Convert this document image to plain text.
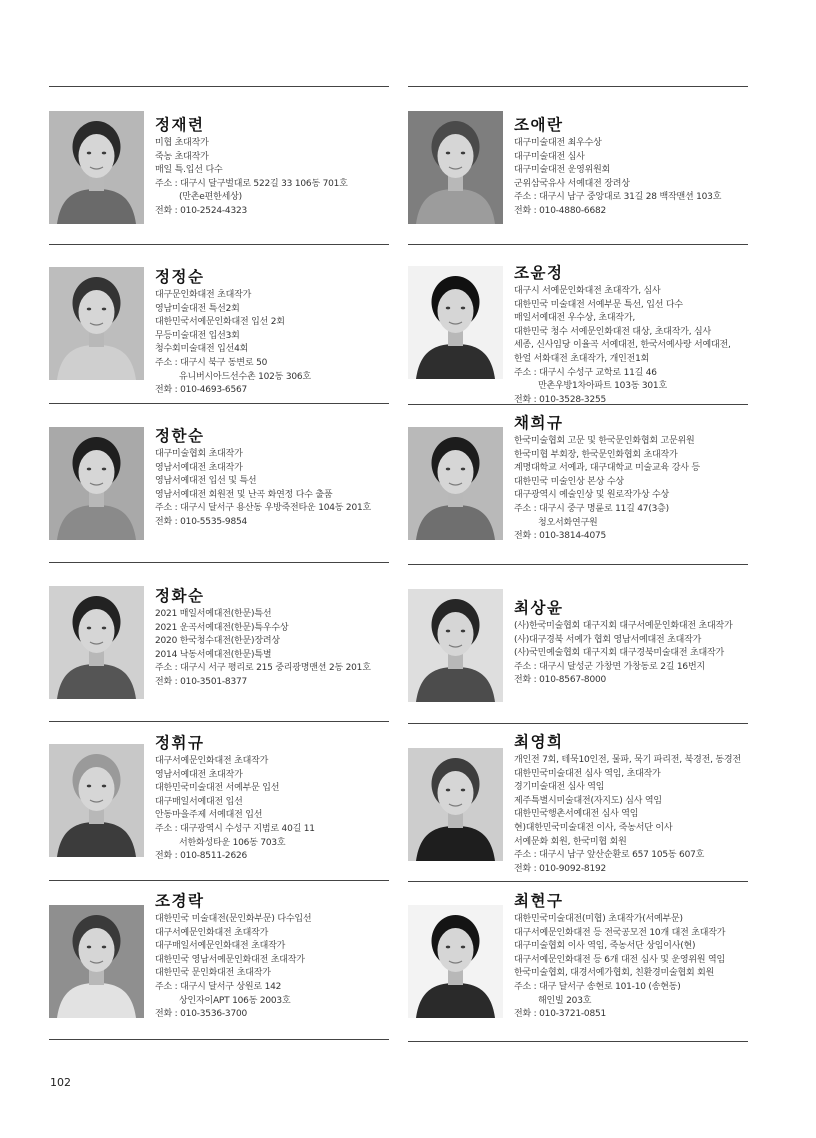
정재련
미협 초대작가
죽농 초대작가
매일 특.입선 다수
주소 : 대구시 달구벌대로 522길 33 106동 701호
(만촌e편한세상)
전화 : 010-2524-4323
정정순
대구문인화대전 초대작가
영남미술대전 특선2회
대한민국서예문인화대전 입선 2회
무등미술대전 입선3회
청수회미술대전 입선4회
주소 : 대구시 북구 동변로 50
유니버시아드선수촌 102동 306호
전화 : 010-4693-6567
정한순
대구미술협회 초대작가
영남서예대전 초대작가
영남서예대전 입선 및 특선
영남서예대전 회원전 및 난곡 화연정 다수 출품
주소 : 대구시 달서구 용산동 우방죽전타운 104동 201호
전화 : 010-5535-9854
정화순
2021 매일서예대전(한문)특선
2021 운곡서예대전(한문)특우수상
2020 한국청수대전(한문)장려상
2014 낙동서예대전(한문)특별
주소 : 대구시 서구 평리로 215 중리광명맨션 2동 201호
전화 : 010-3501-8377
정휘규
대구서예문인화대전 초대작가
영남서예대전 초대작가
대한민국미술대전 서예부문 입선
대구매일서예대전 입선
안동마을주제 서예대전 입선
주소 : 대구광역시 수성구 지범로 40길 11
서한화성타운 106동 703호
전화 : 010-8511-2626
조경락
대한민국 미술대전(문인화부문) 다수입선
대구서예문인화대전 초대작가
대구매일서예문인화대전 초대작가
대한민국 영남서예문인화대전 초대작가
대한민국 문인화대전 초대작가
주소 : 대구시 달서구 상원로 142
상인자이APT 106동 2003호
전화 : 010-3536-3700
조애란
대구미술대전 최우수상
대구미술대전 심사
대구미술대전 운영위원회
군위삼국유사 서예대전 장려상
주소 : 대구시 남구 중앙대로 31길 28 백작맨션 103호
전화 : 010-4880-6682
조윤정
대구시 서예문인화대전 초대작가, 심사
대한민국 미술대전 서예부문 특선, 입선 다수
매일서예대전 우수상, 초대작가,
대한민국 청수 서예문인화대전 대상, 초대작가, 심사
세종, 신사임당 이율곡 서예대전, 한국서예사랑 서예대전,
한얼 서화대전 초대작가, 개인전1회
주소 : 대구시 수성구 교학로 11길 46
만촌우방1차아파트 103동 301호
전화 : 010-3528-3255
채희규
한국미술협회 고문 및 한국문인화협회 고문위원
한국미협 부회장, 한국문인화협회 초대작가
계명대학교 서예과, 대구대학교 미술교육 강사 등
대한민국 미술인상 본상 수상
대구광역시 예술인상 및 원로작가상 수상
주소 : 대구시 중구 명륜로 11길 47(3층)
청오서화연구원
전화 : 010-3814-4075
최상윤
(사)한국미술협회 대구지회 대구서예문인화대전 초대작가
(사)대구경북 서예가 협회 영남서예대전 초대작가
(사)국민예술협회 대구지회 대구경북미술대전 초대작가
주소 : 대구시 달성군 가창면 가창동로 2길 16번지
전화 : 010-8567-8000
최영희
개인전 7회, 테묵10인전, 물파, 묵기 파리전, 북경전, 동경전
대한민국미술대전 심사 역임, 초대작가
경기미술대전 심사 역임
제주특별시미술대전(자지도) 심사 역임
대한민국행촌서예대전 심사 역임
현)대한민국미술대전 이사, 죽농서단 이사
서예문화 회원, 한국미협 회원
주소 : 대구시 남구 앞산순환로 657 105동 607호
전화 : 010-9092-8192
최현구
대한민국미술대전(미협) 초대작가(서예부문)
대구서예문인화대전 등 전국공모전 10개 대전 초대작가
대구미술협회 이사 역임, 죽농서단 상임이사(현)
대구서예문인화대전 등 6개 대전 심사 및 운영위원 역임
한국미술협회, 대경서예가협회, 친환경미술협회 회원
주소 : 대구 달서구 송현로 101-10 (송현동)
해인빌 203호
전화 : 010-3721-0851
102
